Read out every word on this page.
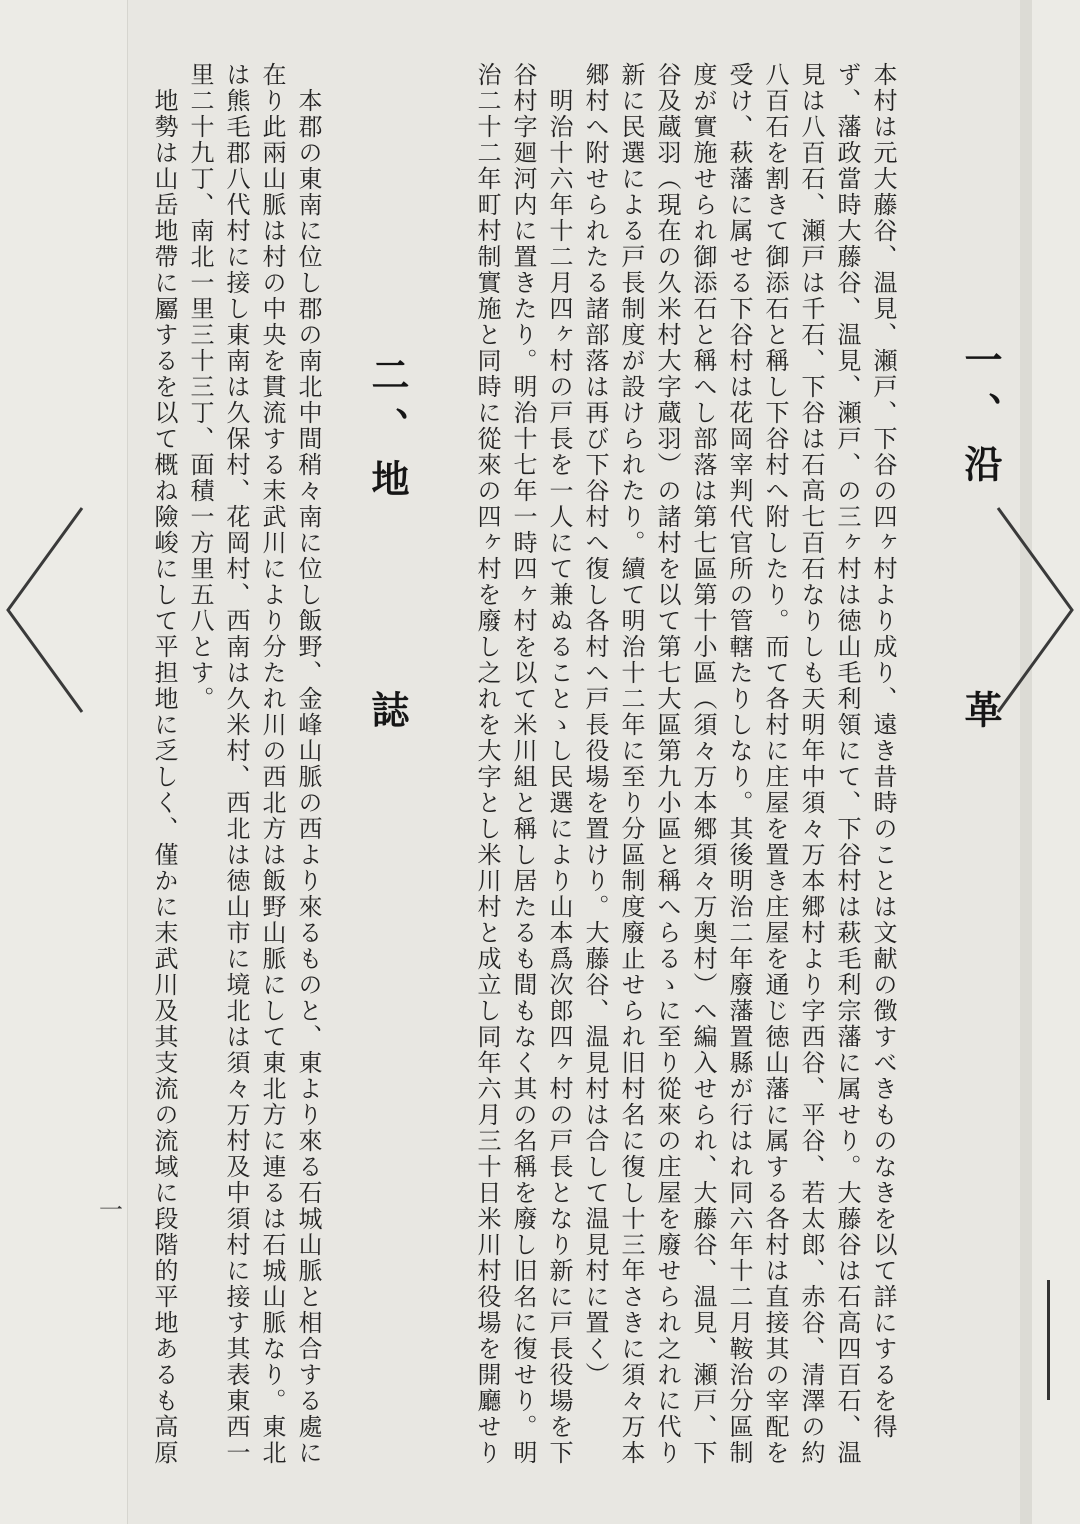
一、沿
革
本村は元大藤谷、温見、瀬戸、下谷の四ヶ村より成り、遠き昔時のことは文献の徴すべきものなきを以て詳にするを得
ず、藩政當時大藤谷、温見、瀬戸、の三ヶ村は徳山毛利領にて、下谷村は萩毛利宗藩に属せり。大藤谷は石高四百石、温
見は八百石、瀬戸は千石、下谷は石高七百石なりしも天明年中須々万本郷村より字西谷、平谷、若太郎、赤谷、清澤の約
八百石を割きて御添石と稱し下谷村へ附したり。而て各村に庄屋を置き庄屋を通じ徳山藩に属する各村は直接其の宰配を
受け、萩藩に属せる下谷村は花岡宰判代官所の管轄たりしなり。其後明治二年廢藩置縣が行はれ同六年十二月鞍治分區制
度が實施せられ御添石と稱へし部落は第七區第十小區（須々万本郷須々万奥村）へ編入せられ、大藤谷、温見、瀬戸、下
谷及蔵羽（現在の久米村大字蔵羽）の諸村を以て第七大區第九小區と稱へらるゝに至り從來の庄屋を廢せられ之れに代り
新に民選による戸長制度が設けられたり。續て明治十二年に至り分區制度廢止せられ旧村名に復し十三年さきに須々万本
郷村へ附せられたる諸部落は再び下谷村へ復し各村へ戸長役場を置けり。大藤谷、温見村は合して温見村に置く）
明治十六年十二月四ヶ村の戸長を一人にて兼ぬることゝし民選により山本爲次郎四ヶ村の戸長となり新に戸長役場を下
谷村字廻河内に置きたり。明治十七年一時四ヶ村を以て米川組と稱し居たるも間もなく其の名稱を廢し旧名に復せり。明
治二十二年町村制實施と同時に從來の四ヶ村を廢し之れを大字とし米川村と成立し同年六月三十日米川村役場を開廳せり
二、地
誌
本郡の東南に位し郡の南北中間稍々南に位し飯野、金峰山脈の西より來るものと、東より來る石城山脈と相合する處に
在り此兩山脈は村の中央を貫流する末武川により分たれ川の西北方は飯野山脈にして東北方に連るは石城山脈なり。東北
は熊毛郡八代村に接し東南は久保村、花岡村、西南は久米村、西北は徳山市に境北は須々万村及中須村に接す其表東西一
里二十九丁、南北一里三十三丁、面積一方里五八とす。
地勢は山岳地帶に屬するを以て概ね險峻にして平担地に乏しく、僅かに末武川及其支流の流域に段階的平地あるも高原
一
